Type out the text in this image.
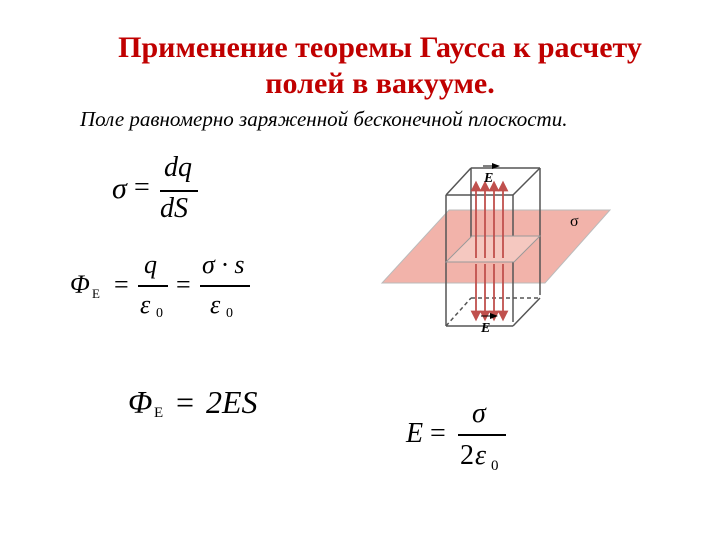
Применение теоремы Гаусса к расчету
полей в вакууме.
Поле равномерно заряженной бесконечной плоскости.
σ =
dq
dS
Φ E =
q
ε 0
=
σ · s
ε 0
Φ E = 2ES
E =
σ
2 ε 0
σ
E
E
